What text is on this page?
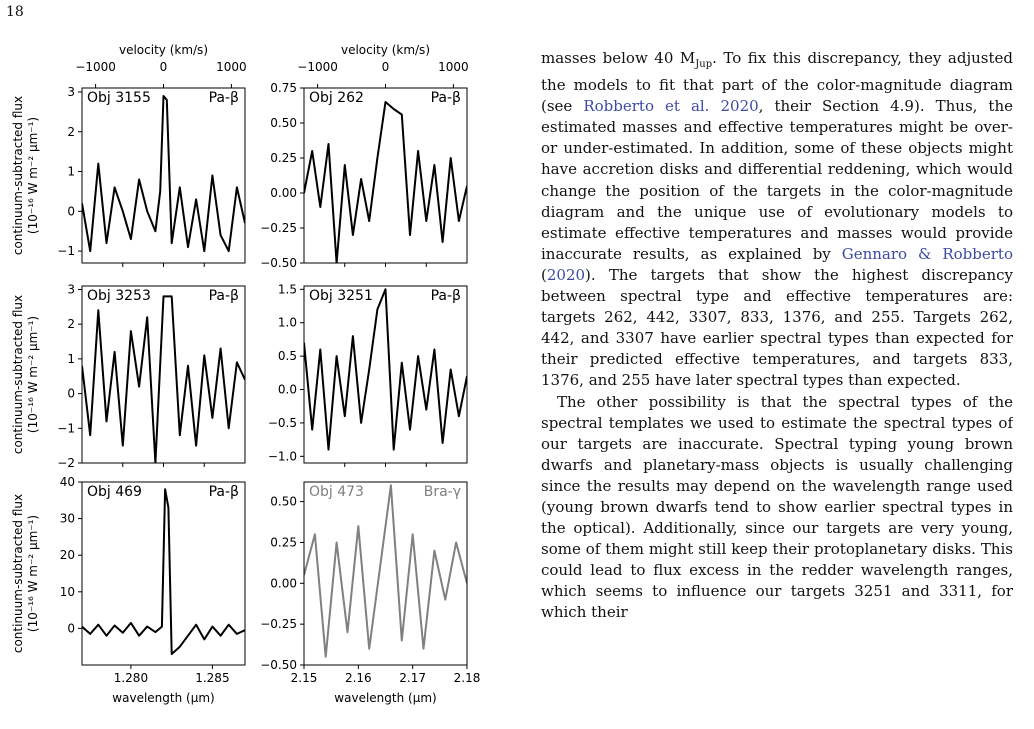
18
velocity (km/s)
−1000	0	1000
velocity (km/s)
−1000	0	1000
continuum-subtracted flux (10⁻¹⁶ W m⁻² μm⁻¹)
continuum-subtracted flux (10⁻¹⁶ W m⁻² μm⁻¹)
continuum-subtracted flux (10⁻¹⁶ W m⁻² μm⁻¹)
wavelength (μm)	wavelength (μm)
−1
0
1
2
3 Obj 3155	Pa-β
−0.50
−0.25
0.00
0.25
0.50
0.75
Obj 262	Pa-β
−2
−1
0
1
2
3 Obj 3253	Pa-β
−1.0
−0.5
0.0
0.5
1.0
1.5 Obj 3251	Pa-β
0
10
20
30
40
1.280	1.285
Obj 469	Pa-β
−0.50
−0.25
0.00
0.25
0.50
2.15 2.16 2.17 2.18
Obj 473	Bra-γ

masses below 40 $M_{Jup}$. To fix this discrepancy, they adjusted the models to fit that part of the color-magnitude diagram (see Robberto et al. 2020, their Section 4.9). Thus, the estimated masses and effective temperatures might be over- or under-estimated. In addition, some of these objects might have accretion disks and differential reddening, which would change the position of the targets in the color-magnitude diagram and the unique use of evolutionary models to estimate effective temperatures and masses would provide inaccurate results, as explained by Gennaro & Robberto (2020). The targets that show the highest discrepancy between spectral type and effective temperatures are: targets 262, 442, 3307, 833, 1376, and 255. Targets 262, 442, and 3307 have earlier spectral types than expected for their predicted effective temperatures, and targets 833, 1376, and 255 have later spectral types than expected.

The other possibility is that the spectral types of the spectral templates we used to estimate the spectral types of our targets are inaccurate. Spectral typing young brown dwarfs and planetary-mass objects is usually challenging since the results may depend on the wavelength range used (young brown dwarfs tend to show earlier spectral types in the optical). Additionally, since our targets are very young, some of them might still keep their protoplanetary disks. This could lead to flux excess in the redder wavelength ranges, which seems to influence our targets 3251 and 3311, for which their
